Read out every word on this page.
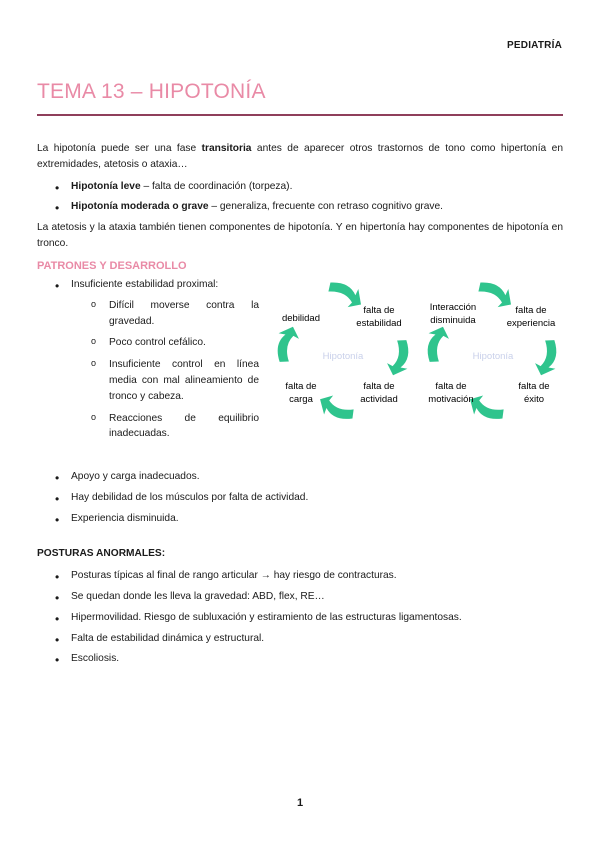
PEDIATRÍA
TEMA 13 – HIPOTONÍA

La hipotonía puede ser una fase transitoria antes de aparecer otros trastornos de tono como hipertonía en extremidades, atetosis o ataxia…

• Hipotonía leve – falta de coordinación (torpeza).
• Hipotonía moderada o grave – generaliza, frecuente con retraso cognitivo grave.

La atetosis y la ataxia también tienen componentes de hipotonía. Y en hipertonía hay componentes de hipotonía en tronco.

PATRONES Y DESARROLLO
• Insuficiente estabilidad proximal:
o Difícil moverse contra la gravedad.
o Poco control cefálico.
o Insuficiente control en línea media con mal alineamiento de tronco y cabeza.
o Reacciones de equilibrio inadecuadas.
Hipotonía
debilidad
falta de
estabilidad
falta de
actividad
falta de
carga
Hipotonía
Interacción
disminuida
falta de
experiencia
falta de
éxito
falta de
motivación
• Apoyo y carga inadecuados.
• Hay debilidad de los músculos por falta de actividad.
• Experiencia disminuida.
POSTURAS ANORMALES:
• Posturas típicas al final de rango articular → hay riesgo de contracturas.
• Se quedan donde les lleva la gravedad: ABD, flex, RE…
• Hipermovilidad. Riesgo de subluxación y estiramiento de las estructuras ligamentosas.
• Falta de estabilidad dinámica y estructural.
• Escoliosis.
1
